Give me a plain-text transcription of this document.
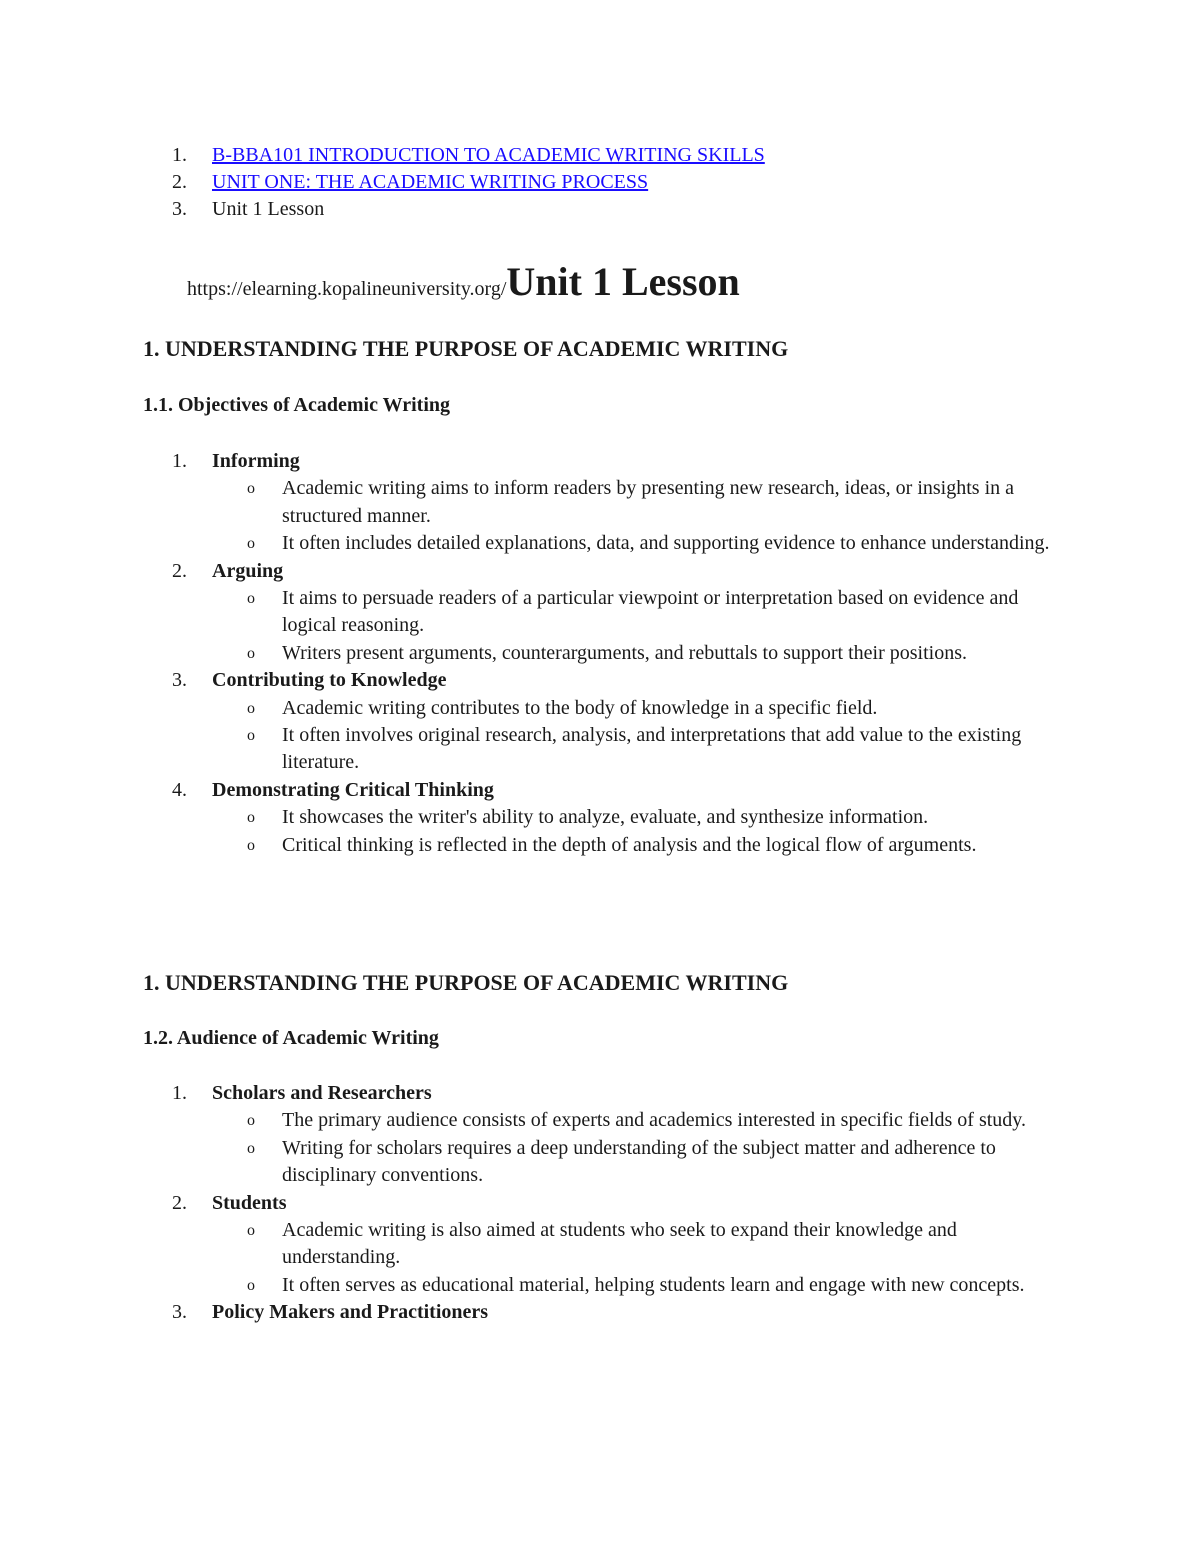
1.	B-BBA101 INTRODUCTION TO ACADEMIC WRITING SKILLS
2.	UNIT ONE: THE ACADEMIC WRITING PROCESS
3.	Unit 1 Lesson
https://elearning.kopalineuniversity.org/Unit 1 Lesson
1. UNDERSTANDING THE PURPOSE OF ACADEMIC WRITING
1.1. Objectives of Academic Writing
1.	Informing
o	Academic writing aims to inform readers by presenting new research, ideas, or insights in a structured manner.
o	It often includes detailed explanations, data, and supporting evidence to enhance understanding.
2.	Arguing
o	It aims to persuade readers of a particular viewpoint or interpretation based on evidence and logical reasoning.
o	Writers present arguments, counterarguments, and rebuttals to support their positions.
3.	Contributing to Knowledge
o	Academic writing contributes to the body of knowledge in a specific field.
o	It often involves original research, analysis, and interpretations that add value to the existing literature.
4.	Demonstrating Critical Thinking
o	It showcases the writer's ability to analyze, evaluate, and synthesize information.
o	Critical thinking is reflected in the depth of analysis and the logical flow of arguments.
1. UNDERSTANDING THE PURPOSE OF ACADEMIC WRITING
1.2. Audience of Academic Writing
1.	Scholars and Researchers
o	The primary audience consists of experts and academics interested in specific fields of study.
o	Writing for scholars requires a deep understanding of the subject matter and adherence to disciplinary conventions.
2.	Students
o	Academic writing is also aimed at students who seek to expand their knowledge and understanding.
o	It often serves as educational material, helping students learn and engage with new concepts.
3.	Policy Makers and Practitioners
